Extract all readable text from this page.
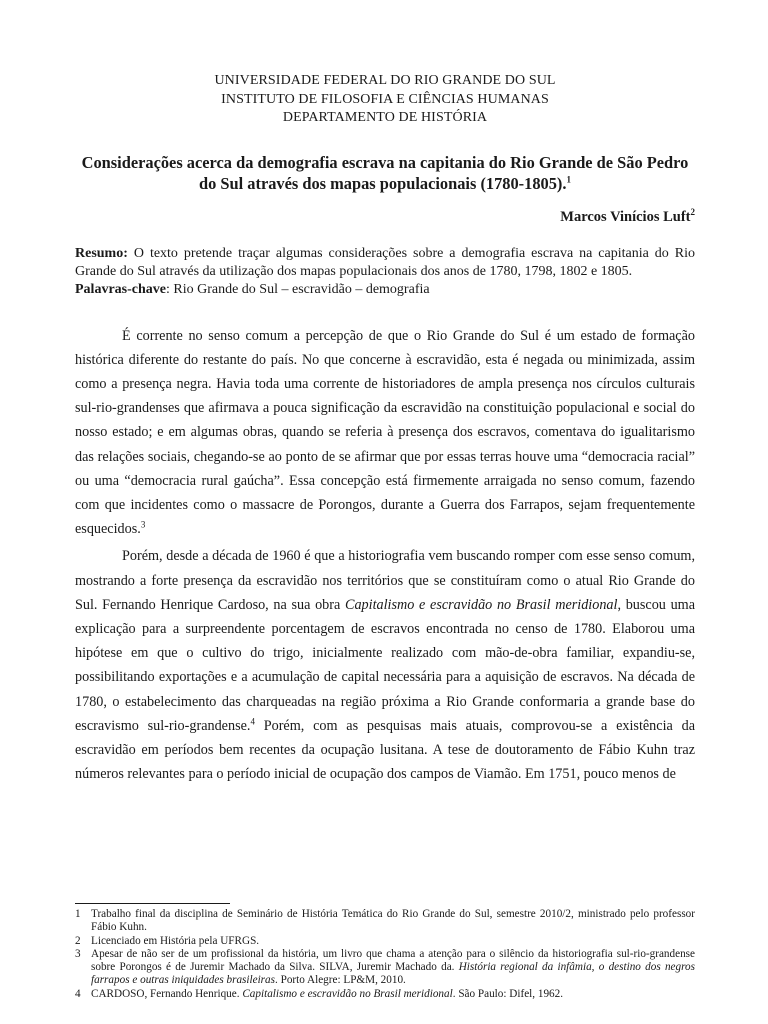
UNIVERSIDADE FEDERAL DO RIO GRANDE DO SUL
INSTITUTO DE FILOSOFIA E CIÊNCIAS HUMANAS
DEPARTAMENTO DE HISTÓRIA
Considerações acerca da demografia escrava na capitania do Rio Grande de São Pedro do Sul através dos mapas populacionais (1780-1805).$^1$
Marcos Vinícios Luft$^2$

Resumo: O texto pretende traçar algumas considerações sobre a demografia escrava na capitania do Rio Grande do Sul através da utilização dos mapas populacionais dos anos de 1780, 1798, 1802 e 1805.

Palavras-chave: Rio Grande do Sul – escravidão – demografia

É corrente no senso comum a percepção de que o Rio Grande do Sul é um estado de formação histórica diferente do restante do país. No que concerne à escravidão, esta é negada ou minimizada, assim como a presença negra. Havia toda uma corrente de historiadores de ampla presença nos círculos culturais sul-rio-grandenses que afirmava a pouca significação da escravidão na constituição populacional e social do nosso estado; e em algumas obras, quando se referia à presença dos escravos, comentava do igualitarismo das relações sociais, chegando-se ao ponto de se afirmar que por essas terras houve uma “democracia racial” ou uma “democracia rural gaúcha”. Essa concepção está firmemente arraigada no senso comum, fazendo com que incidentes como o massacre de Porongos, durante a Guerra dos Farrapos, sejam frequentemente esquecidos.$^3$

Porém, desde a década de 1960 é que a historiografia vem buscando romper com esse senso comum, mostrando a forte presença da escravidão nos territórios que se constituíram como o atual Rio Grande do Sul. Fernando Henrique Cardoso, na sua obra Capitalismo e escravidão no Brasil meridional, buscou uma explicação para a surpreendente porcentagem de escravos encontrada no censo de 1780. Elaborou uma hipótese em que o cultivo do trigo, inicialmente realizado com mão-de-obra familiar, expandiu-se, possibilitando exportações e a acumulação de capital necessária para a aquisição de escravos. Na década de 1780, o estabelecimento das charqueadas na região próxima a Rio Grande conformaria a grande base do escravismo sul-rio-grandense.$^4$ Porém, com as pesquisas mais atuais, comprovou-se a existência da escravidão em períodos bem recentes da ocupação lusitana. A tese de doutoramento de Fábio Kuhn traz números relevantes para o período inicial de ocupação dos campos de Viamão. Em 1751, pouco menos de

1 Trabalho final da disciplina de Seminário de História Temática do Rio Grande do Sul, semestre 2010/2, ministrado pelo professor Fábio Kuhn.
2 Licenciado em História pela UFRGS.
3 Apesar de não ser de um profissional da história, um livro que chama a atenção para o silêncio da historiografia sul-rio-grandense sobre Porongos é de Juremir Machado da Silva. SILVA, Juremir Machado da. História regional da infâmia, o destino dos negros farrapos e outras iniquidades brasileiras. Porto Alegre: LP&M, 2010.
4 CARDOSO, Fernando Henrique. Capitalismo e escravidão no Brasil meridional. São Paulo: Difel, 1962.
